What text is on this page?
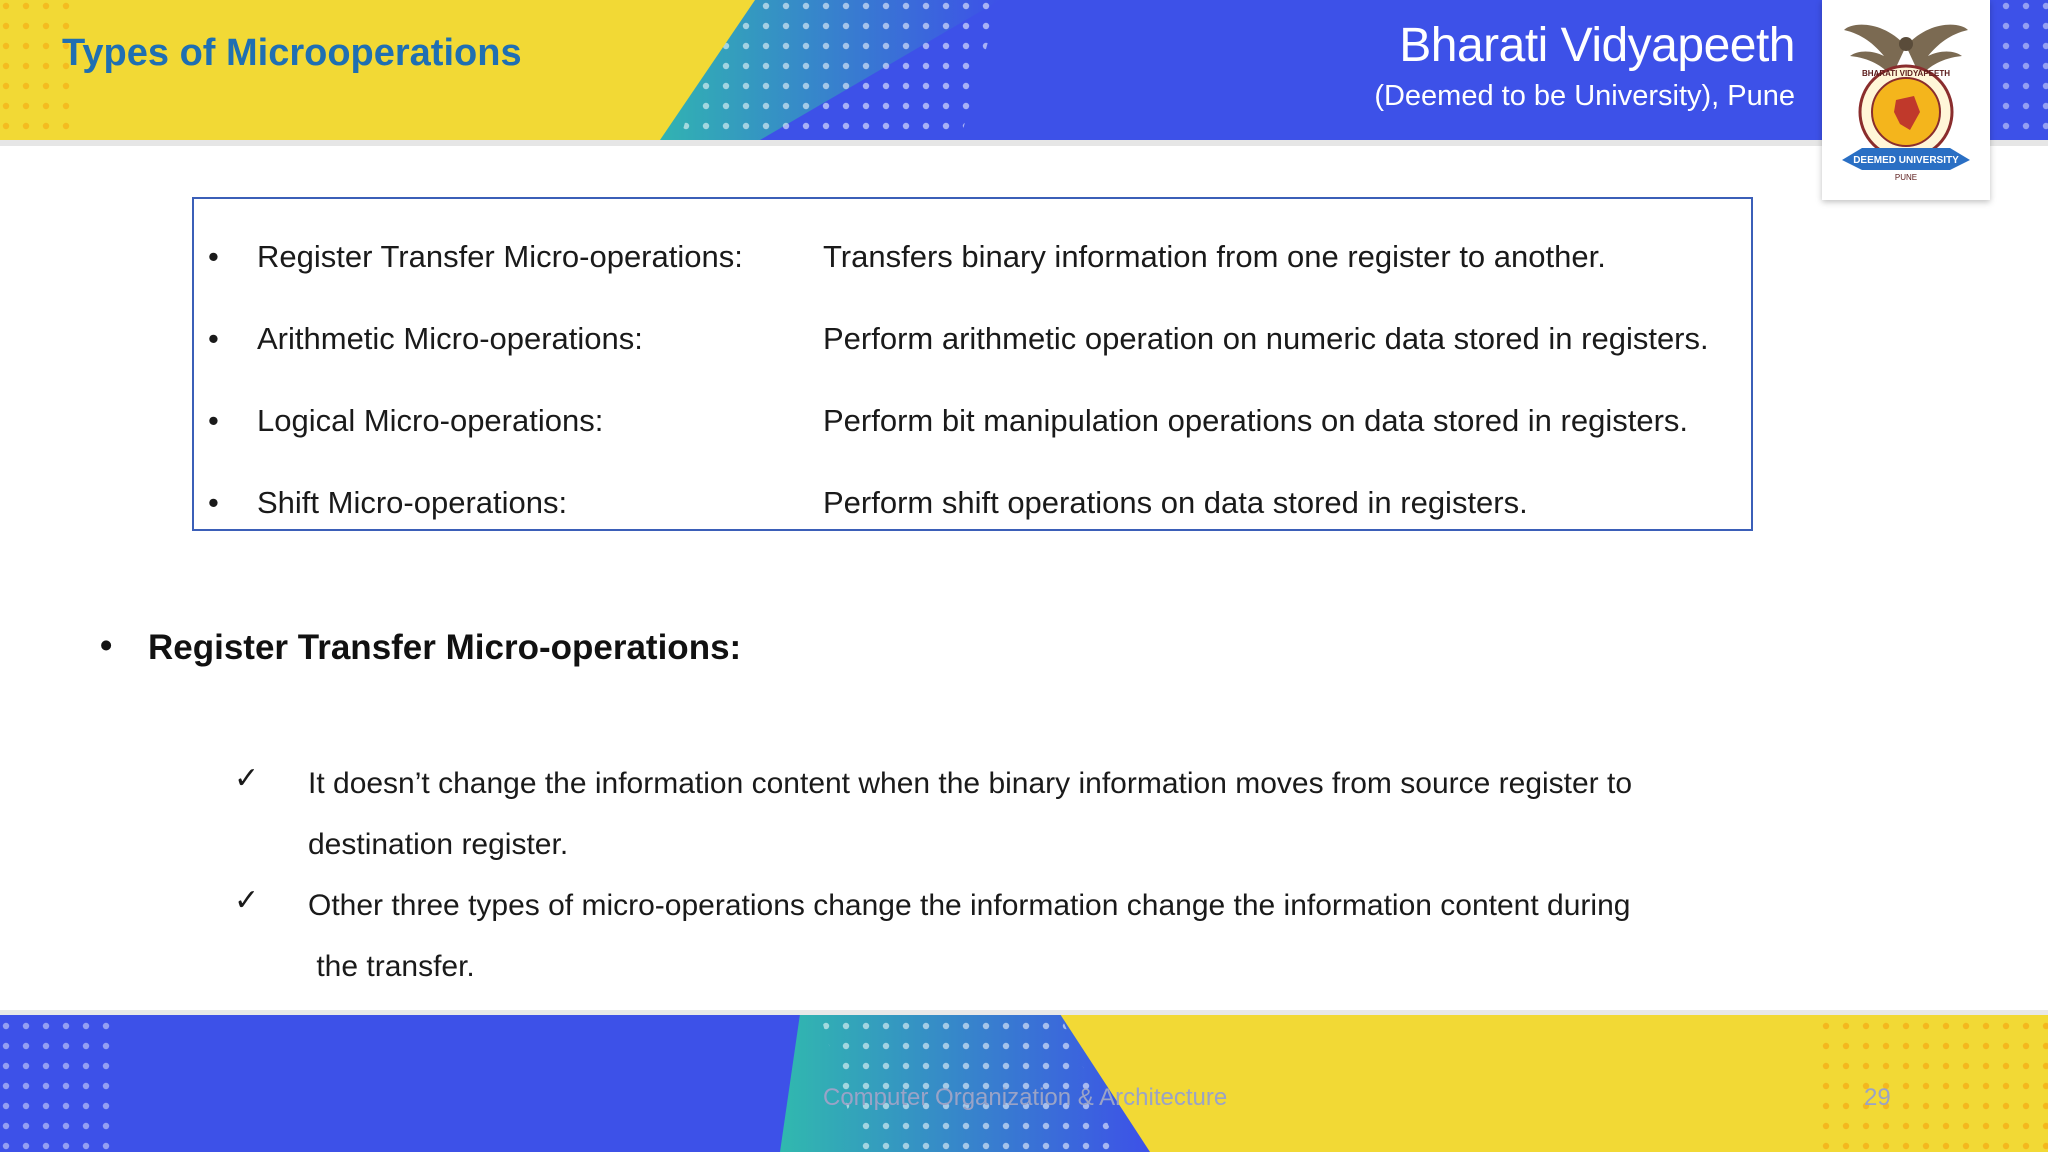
Types of Microoperations	Bharati Vidyapeeth
(Deemed to be University), Pune
BHARATI VIDYAPEETH
DEEMED UNIVERSITY
PUNE
• Register Transfer Micro-operations:	Transfers binary information from one register to another.
• Arithmetic Micro-operations:	Perform arithmetic operation on numeric data stored in registers.
• Logical Micro-operations:	Perform bit manipulation operations on data stored in registers.
• Shift Micro-operations:	Perform shift operations on data stored in registers.
• Register Transfer Micro-operations:
✓ It doesn’t change the information content when the binary information moves from source register to
destination register.
✓ Other three types of micro-operations change the information change the information content during
the transfer.
Computer Organization & Architecture	29
